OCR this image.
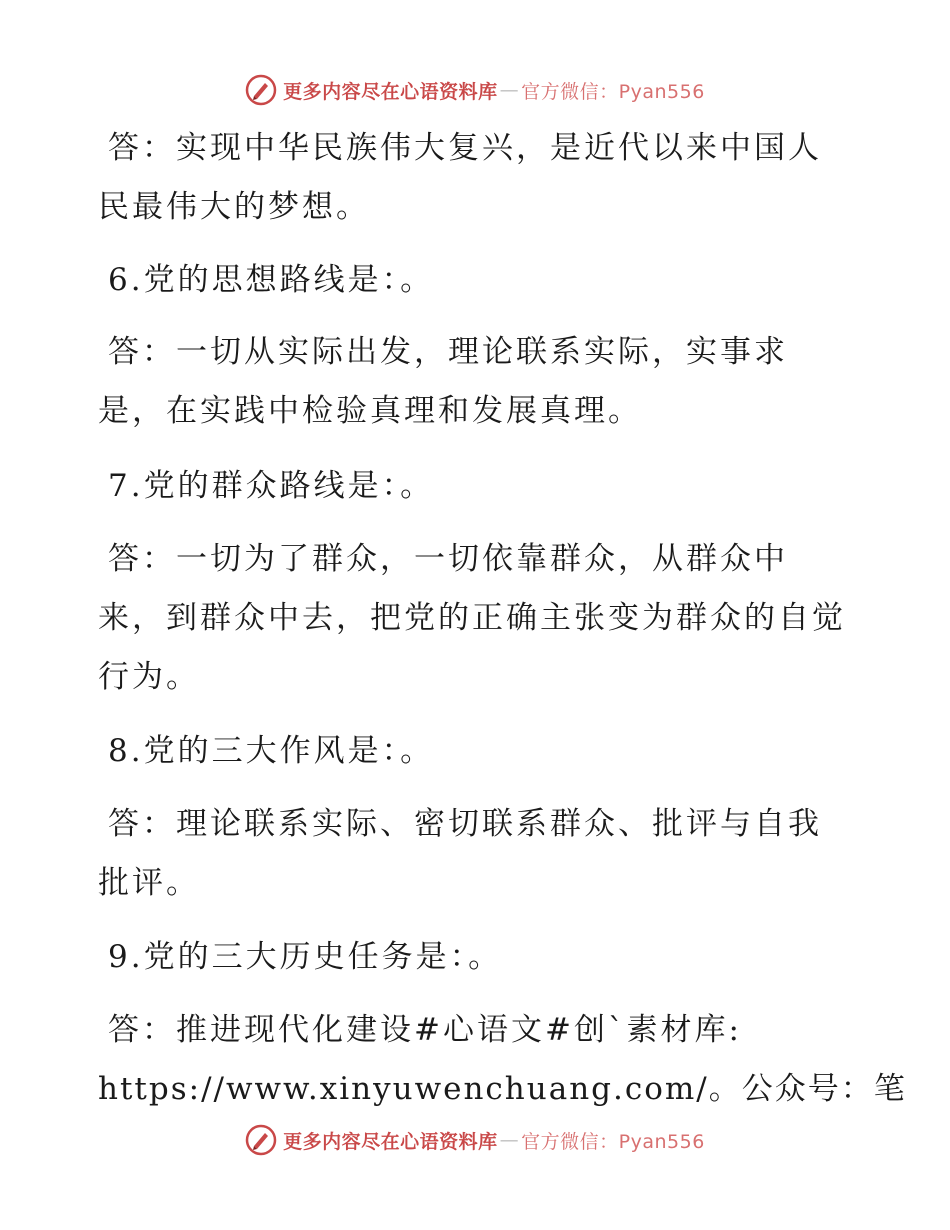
更多内容尽在心语资料库 — 官方微信：Pyan556
答：实现中华民族伟大复兴，是近代以来中国人
民最伟大的梦想。
6.党的思想路线是：。
答：一切从实际出发，理论联系实际，实事求
是，在实践中检验真理和发展真理。
7.党的群众路线是：。
答：一切为了群众，一切依靠群众，从群众中
来，到群众中去，把党的正确主张变为群众的自觉
行为。
8.党的三大作风是：。
答：理论联系实际、密切联系群众、批评与自我
批评。
9.党的三大历史任务是：。
答：推进现代化建设#心语文#创`素材库:
https://www.xinyuwenchuang.com/。公众号：笔
更多内容尽在心语资料库 — 官方微信：Pyan556
